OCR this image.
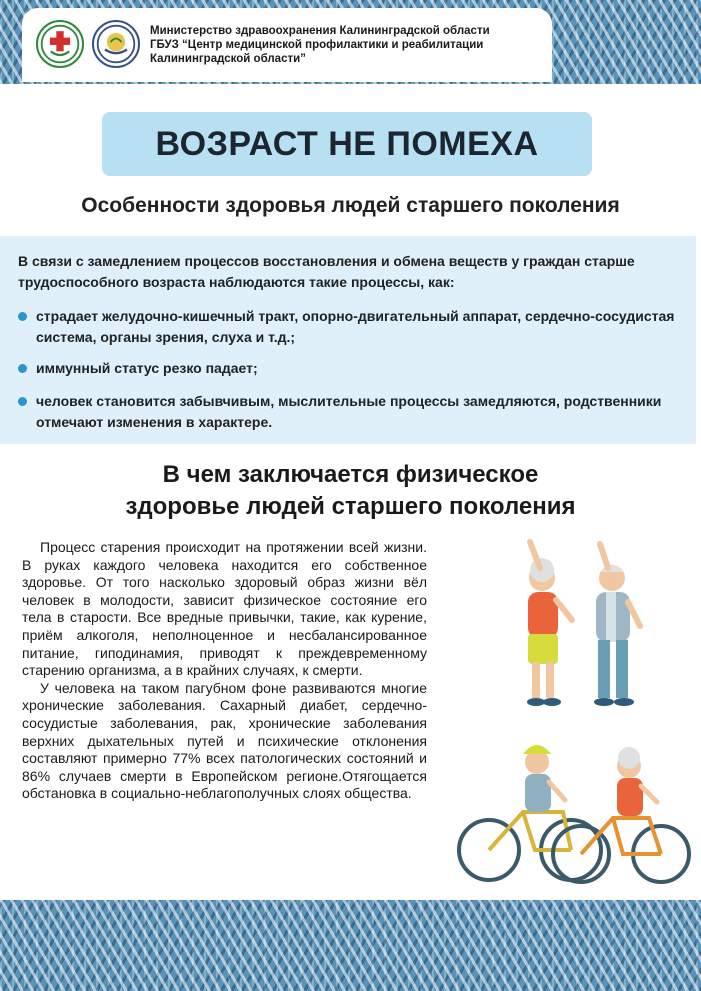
Министерство здравоохранения Калининградской области
ГБУЗ “Центр медицинской профилактики и реабилитации
Калининградской области”
ВОЗРАСТ НЕ ПОМЕХА
Особенности здоровья людей старшего поколения
В связи с замедлением процессов восстановления и обмена веществ у граждан старше трудоспособного возраста наблюдаются такие процессы, как:
страдает желудочно-кишечный тракт, опорно-двигательный аппарат, сердечно-сосудистая система, органы зрения, слуха и т.д.;
иммунный статус резко падает;
человек становится забывчивым, мыслительные процессы замедляются, родственники отмечают изменения в характере.
В чем заключается физическое
здоровье людей старшего поколения

Процесс старения происходит на протяжении всей жизни. В руках каждого человека находится его собственное здоровье. От того насколько здоровый образ жизни вёл человек в молодости, зависит физическое состояние его тела в старости. Все вредные привычки, такие, как курение, приём алкоголя, неполноценное и несбалансированное питание, гиподинамия, приводят к преждевременному старению организма, а в крайних случаях, к смерти.

У человека на таком пагубном фоне развиваются многие хронические заболевания. Сахарный диабет, сердечно-сосудистые заболевания, рак, хронические заболевания верхних дыхательных путей и психические отклонения составляют примерно 77% всех патологических состояний и 86% случаев смерти в Европейском регионе.Отягощается обстановка в социально-неблагополучных слоях общества.
